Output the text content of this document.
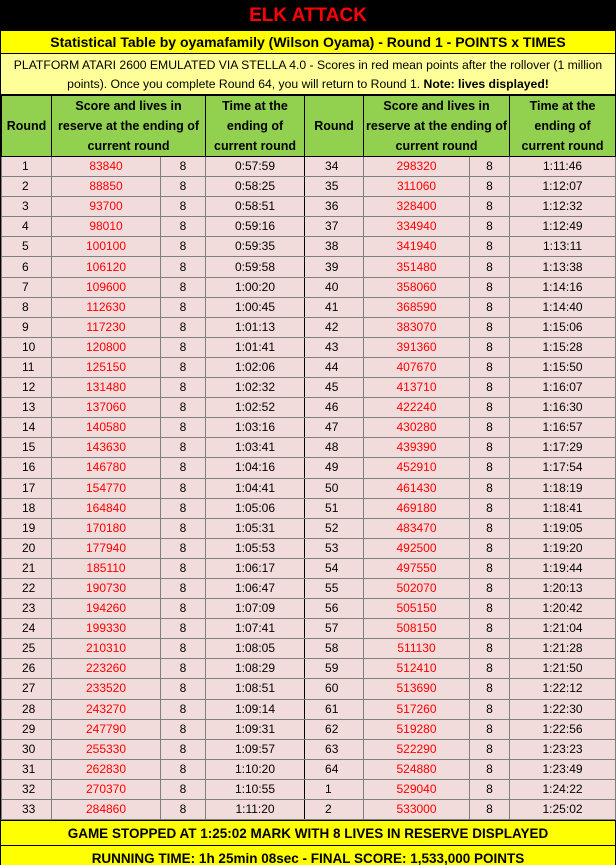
ELK ATTACK
Statistical Table by oyamafamily (Wilson Oyama) - Round 1 - POINTS x TIMES
PLATFORM ATARI 2600 EMULATED VIA STELLA 4.0 - Scores in red mean points after the rollover (1 million points). Once you complete Round 64, you will return to Round 1. Note: lives displayed!
Round	Score and lives in reserve at the ending of current round		Time at the ending of current round	Round	Score and lives in reserve at the ending of current round		Time at the ending of current round
1	83840	8	0:57:59	34	298320	8	1:11:46
2	88850	8	0:58:25	35	311060	8	1:12:07
3	93700	8	0:58:51	36	328400	8	1:12:32
4	98010	8	0:59:16	37	334940	8	1:12:49
5	100100	8	0:59:35	38	341940	8	1:13:11
6	106120	8	0:59:58	39	351480	8	1:13:38
7	109600	8	1:00:20	40	358060	8	1:14:16
8	112630	8	1:00:45	41	368590	8	1:14:40
9	117230	8	1:01:13	42	383070	8	1:15:06
10	120800	8	1:01:41	43	391360	8	1:15:28
11	125150	8	1:02:06	44	407670	8	1:15:50
12	131480	8	1:02:32	45	413710	8	1:16:07
13	137060	8	1:02:52	46	422240	8	1:16:30
14	140580	8	1:03:16	47	430280	8	1:16:57
15	143630	8	1:03:41	48	439390	8	1:17:29
16	146780	8	1:04:16	49	452910	8	1:17:54
17	154770	8	1:04:41	50	461430	8	1:18:19
18	164840	8	1:05:06	51	469180	8	1:18:41
19	170180	8	1:05:31	52	483470	8	1:19:05
20	177940	8	1:05:53	53	492500	8	1:19:20
21	185110	8	1:06:17	54	497550	8	1:19:44
22	190730	8	1:06:47	55	502070	8	1:20:13
23	194260	8	1:07:09	56	505150	8	1:20:42
24	199330	8	1:07:41	57	508150	8	1:21:04
25	210310	8	1:08:05	58	511130	8	1:21:28
26	223260	8	1:08:29	59	512410	8	1:21:50
27	233520	8	1:08:51	60	513690	8	1:22:12
28	243270	8	1:09:14	61	517260	8	1:22:30
29	247790	8	1:09:31	62	519280	8	1:22:56
30	255330	8	1:09:57	63	522290	8	1:23:23
31	262830	8	1:10:20	64	524880	8	1:23:49
32	270370	8	1:10:55	1	529040	8	1:24:22
33	284860	8	1:11:20	2	533000	8	1:25:02
GAME STOPPED AT 1:25:02 MARK WITH 8 LIVES IN RESERVE DISPLAYED
RUNNING TIME: 1h 25min 08sec - FINAL SCORE: 1,533,000 POINTS
